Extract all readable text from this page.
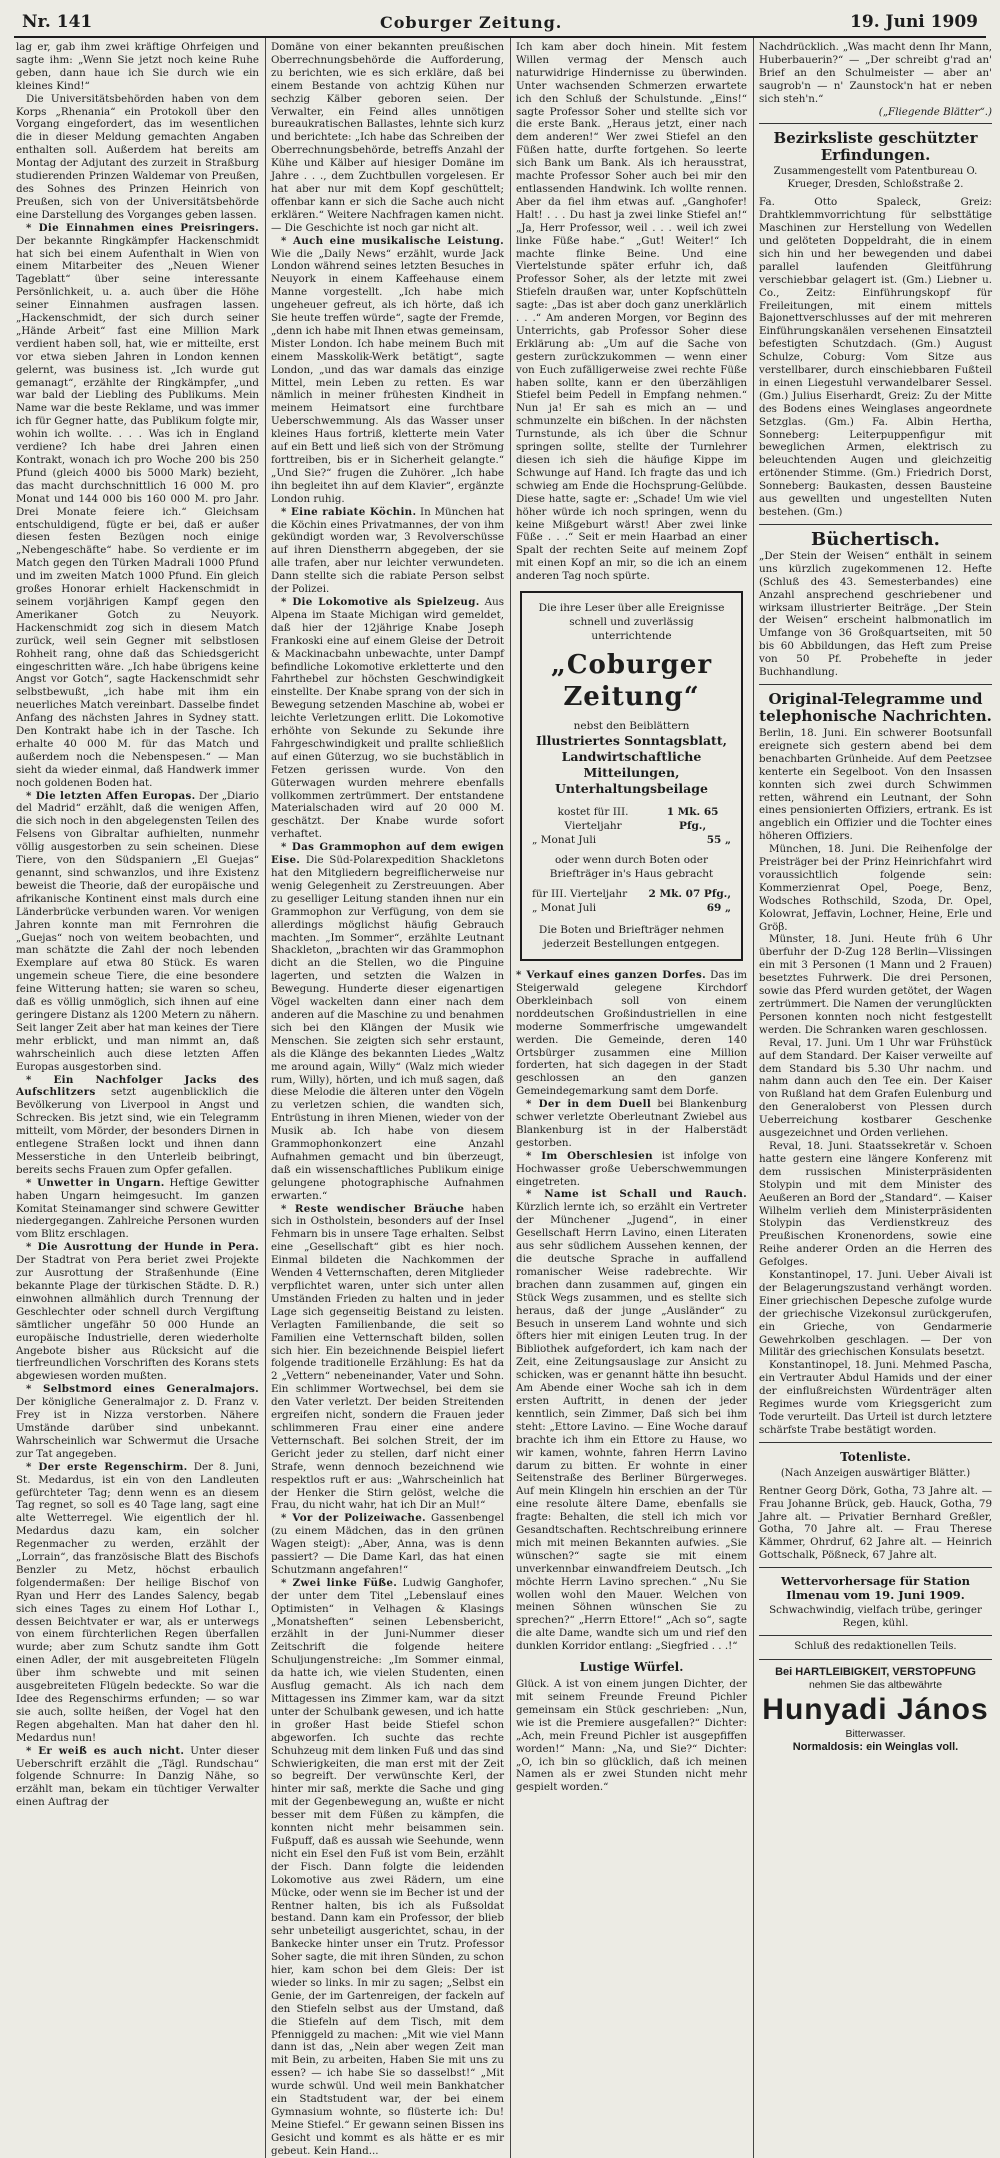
Nr. 141	Coburger Zeitung.	19. Juni 1909

lag er, gab ihm zwei kräftige Ohrfeigen und sagte ihm: „Wenn Sie jetzt noch keine Ruhe geben, dann haue ich Sie durch wie ein kleines Kind!“

Die Universitätsbehörden haben von dem Korps „Rhenania“ ein Protokoll über den Vorgang eingefordert, das im wesentlichen die in dieser Meldung gemachten Angaben enthalten soll. Außerdem hat bereits am Montag der Adjutant des zurzeit in Straßburg studierenden Prinzen Waldemar von Preußen, des Sohnes des Prinzen Heinrich von Preußen, sich von der Universitätsbehörde eine Darstellung des Vorganges geben lassen.

* Die Einnahmen eines Preisringers. Der bekannte Ringkämpfer Hackenschmidt hat sich bei einem Aufenthalt in Wien von einem Mitarbeiter des „Neuen Wiener Tageblatt“ über seine interessante Persönlichkeit, u. a. auch über die Höhe seiner Einnahmen ausfragen lassen. „Hackenschmidt, der sich durch seiner „Hände Arbeit“ fast eine Million Mark verdient haben soll, hat, wie er mitteilte, erst vor etwa sieben Jahren in London kennen gelernt, was business ist. „Ich wurde gut gemanagt“, erzählte der Ringkämpfer, „und war bald der Liebling des Publikums. Mein Name war die beste Reklame, und was immer ich für Gegner hatte, das Publikum folgte mir, wohin ich wollte. . . . Was ich in England verdiene? Ich habe drei Jahren einen Kontrakt, wonach ich pro Woche 200 bis 250 Pfund (gleich 4000 bis 5000 Mark) bezieht, das macht durchschnittlich 16 000 M. pro Monat und 144 000 bis 160 000 M. pro Jahr. Drei Monate feiere ich.“ Gleichsam entschuldigend, fügte er bei, daß er außer diesen festen Bezügen noch einige „Nebengeschäfte“ habe. So verdiente er im Match gegen den Türken Madrali 1000 Pfund und im zweiten Match 1000 Pfund. Ein gleich großes Honorar erhielt Hackenschmidt in seinem vorjährigen Kampf gegen den Amerikaner Gotch zu Neuyork. Hackenschmidt zog sich in diesem Match zurück, weil sein Gegner mit selbstlosen Rohheit rang, ohne daß das Schiedsgericht eingeschritten wäre. „Ich habe übrigens keine Angst vor Gotch“, sagte Hackenschmidt sehr selbstbewußt, „ich habe mit ihm ein neuerliches Match vereinbart. Dasselbe findet Anfang des nächsten Jahres in Sydney statt. Den Kontrakt habe ich in der Tasche. Ich erhalte 40 000 M. für das Match und außerdem noch die Nebenspesen.“ — Man sieht da wieder einmal, daß Handwerk immer noch goldenen Boden hat.

* Die letzten Affen Europas. Der „Diario del Madrid“ erzählt, daß die wenigen Affen, die sich noch in den abgelegensten Teilen des Felsens von Gibraltar aufhielten, nunmehr völlig ausgestorben zu sein scheinen. Diese Tiere, von den Südspaniern „El Guejas“ genannt, sind schwanzlos, und ihre Existenz beweist die Theorie, daß der europäische und afrikanische Kontinent einst mals durch eine Länderbrücke verbunden waren. Vor wenigen Jahren konnte man mit Fernrohren die „Guejas“ noch von weitem beobachten, und man schätzte die Zahl der noch lebenden Exemplare auf etwa 80 Stück. Es waren ungemein scheue Tiere, die eine besondere feine Witterung hatten; sie waren so scheu, daß es völlig unmöglich, sich ihnen auf eine geringere Distanz als 1200 Metern zu nähern. Seit langer Zeit aber hat man keines der Tiere mehr erblickt, und man nimmt an, daß wahrscheinlich auch diese letzten Affen Europas ausgestorben sind.

* Ein Nachfolger Jacks des Aufschlitzers setzt augenblicklich die Bevölkerung von Liverpool in Angst und Schrecken. Bis jetzt sind, wie ein Telegramm mitteilt, vom Mörder, der besonders Dirnen in entlegene Straßen lockt und ihnen dann Messerstiche in den Unterleib beibringt, bereits sechs Frauen zum Opfer gefallen.

* Unwetter in Ungarn. Heftige Gewitter haben Ungarn heimgesucht. Im ganzen Komitat Steinamanger sind schwere Gewitter niedergegangen. Zahlreiche Personen wurden vom Blitz erschlagen.

* Die Ausrottung der Hunde in Pera. Der Stadtrat von Pera beriet zwei Projekte zur Ausrottung der Straßenhunde (Eine bekannte Plage der türkischen Städte. D. R.) einwohnen allmählich durch Trennung der Geschlechter oder schnell durch Vergiftung sämtlicher ungefähr 50 000 Hunde an europäische Industrielle, deren wiederholte Angebote bisher aus Rücksicht auf die tierfreundlichen Vorschriften des Korans stets abgewiesen worden mußten.

* Selbstmord eines Generalmajors. Der königliche Generalmajor z. D. Franz v. Frey ist in Nizza verstorben. Nähere Umstände darüber sind unbekannt. Wahrscheinlich war Schwermut die Ursache zur Tat angegeben.

* Der erste Regenschirm. Der 8. Juni, St. Medardus, ist ein von den Landleuten gefürchteter Tag; denn wenn es an diesem Tag regnet, so soll es 40 Tage lang, sagt eine alte Wetterregel. Wie eigentlich der hl. Medardus dazu kam, ein solcher Regenmacher zu werden, erzählt der „Lorrain“, das französische Blatt des Bischofs Benzler zu Metz, höchst erbaulich folgendermaßen: Der heilige Bischof von Ryan und Herr des Landes Salency, begab sich eines Tages zu einem Hof Lothar I., dessen Beichtvater er war, als er unterwegs von einem fürchterlichen Regen überfallen wurde; aber zum Schutz sandte ihm Gott einen Adler, der mit ausgebreiteten Flügeln über ihm schwebte und mit seinen ausgebreiteten Flügeln bedeckte. So war die Idee des Regenschirms erfunden; — so war sie auch, sollte heißen, der Vogel hat den Regen abgehalten. Man hat daher den hl. Medardus nun!

* Er weiß es auch nicht. Unter dieser Ueberschrift erzählt die „Tägl. Rundschau“ folgende Schnurre: In Danzig Nähe, so erzählt man, bekam ein tüchtiger Verwalter einen Auftrag der

Domäne von einer bekannten preußischen Oberrechnungsbehörde die Aufforderung, zu berichten, wie es sich erkläre, daß bei einem Bestande von achtzig Kühen nur sechzig Kälber geboren seien. Der Verwalter, ein Feind alles unnötigen bureaukratischen Ballastes, lehnte sich kurz und berichtete: „Ich habe das Schreiben der Oberrechnungsbehörde, betreffs Anzahl der Kühe und Kälber auf hiesiger Domäne im Jahre . . ., dem Zuchtbullen vorgelesen. Er hat aber nur mit dem Kopf geschüttelt; offenbar kann er sich die Sache auch nicht erklären.“ Weitere Nachfragen kamen nicht. — Die Geschichte ist noch gar nicht alt.

* Auch eine musikalische Leistung. Wie die „Daily News“ erzählt, wurde Jack London während seines letzten Besuches in Neuyork in einem Kaffeehause einem Manne vorgestellt. „Ich habe mich ungeheuer gefreut, als ich hörte, daß ich Sie heute treffen würde“, sagte der Fremde, „denn ich habe mit Ihnen etwas gemeinsam, Mister London. Ich habe meinem Buch mit einem Masskolik-Werk betätigt“, sagte London, „und das war damals das einzige Mittel, mein Leben zu retten. Es war nämlich in meiner frühesten Kindheit in meinem Heimatsort eine furchtbare Ueberschwemmung. Als das Wasser unser kleines Haus fortriß, kletterte mein Vater auf ein Bett und ließ sich von der Strömung forttreiben, bis er in Sicherheit gelangte.“ „Und Sie?“ frugen die Zuhörer. „Ich habe ihn begleitet ihn auf dem Klavier“, ergänzte London ruhig.

* Eine rabiate Köchin. In München hat die Köchin eines Privatmannes, der von ihm gekündigt worden war, 3 Revolverschüsse auf ihren Dienstherrn abgegeben, der sie alle trafen, aber nur leichter verwundeten. Dann stellte sich die rabiate Person selbst der Polizei.

* Die Lokomotive als Spielzeug. Aus Alpena im Staate Michigan wird gemeldet, daß hier der 12jährige Knabe Joseph Frankoski eine auf einem Gleise der Detroit & Mackinacbahn unbewachte, unter Dampf befindliche Lokomotive erkletterte und den Fahrthebel zur höchsten Geschwindigkeit einstellte. Der Knabe sprang von der sich in Bewegung setzenden Maschine ab, wobei er leichte Verletzungen erlitt. Die Lokomotive erhöhte von Sekunde zu Sekunde ihre Fahrgeschwindigkeit und prallte schließlich auf einen Güterzug, wo sie buchstäblich in Fetzen gerissen wurde. Von den Güterwagen wurden mehrere ebenfalls vollkommen zertrümmert. Der entstandene Materialschaden wird auf 20 000 M. geschätzt. Der Knabe wurde sofort verhaftet.

* Das Grammophon auf dem ewigen Eise. Die Süd-Polarexpedition Shackletons hat den Mitgliedern begreiflicherweise nur wenig Gelegenheit zu Zerstreuungen. Aber zu geselliger Leitung standen ihnen nur ein Grammophon zur Verfügung, von dem sie allerdings möglichst häufig Gebrauch machten. „Im Sommer“, erzählte Leutnant Shackleton, „brachten wir das Grammophon dicht an die Stellen, wo die Pinguine lagerten, und setzten die Walzen in Bewegung. Hunderte dieser eigenartigen Vögel wackelten dann einer nach dem anderen auf die Maschine zu und benahmen sich bei den Klängen der Musik wie Menschen. Sie zeigten sich sehr erstaunt, als die Klänge des bekannten Liedes „Waltz me around again, Willy“ (Walz mich wieder rum, Willy), hörten, und ich muß sagen, daß diese Melodie die älteren unter den Vögeln zu verletzen schien, die wandten sich, Entrüstung in ihren Mienen, wieder von der Musik ab. Ich habe von diesem Grammophonkonzert eine Anzahl Aufnahmen gemacht und bin überzeugt, daß ein wissenschaftliches Publikum einige gelungene photographische Aufnahmen erwarten.“

* Reste wendischer Bräuche haben sich in Ostholstein, besonders auf der Insel Fehmarn bis in unsere Tage erhalten. Selbst eine „Gesellschaft“ gibt es hier noch. Einmal bildeten die Nachkommen der Wenden 4 Vetternschaften, deren Mitglieder verpflichtet waren, unter sich unter allen Umständen Frieden zu halten und in jeder Lage sich gegenseitig Beistand zu leisten. Verlagten Familienbande, die seit so Familien eine Vetternschaft bilden, sollen sich hier. Ein bezeichnende Beispiel liefert folgende traditionelle Erzählung: Es hat da 2 „Vettern“ nebeneinander, Vater und Sohn. Ein schlimmer Wortwechsel, bei dem sie den Vater verletzt. Der beiden Streitenden ergreifen nicht, sondern die Frauen jeder schlimmeren Frau einer eine andere Vetternschaft. Bei solchen Streit, der im Gericht jeder zu stellen, darf nicht einer Strafe, wenn dennoch bezeichnend wie respektlos ruft er aus: „Wahrscheinlich hat der Henker die Stirn gelöst, welche die Frau, du nicht wahr, hat ich Dir an Mul!“

* Vor der Polizeiwache. Gassenbengel (zu einem Mädchen, das in den grünen Wagen steigt): „Aber, Anna, was is denn passiert? — Die Dame Karl, das hat einen Schutzmann angefahren!“

* Zwei linke Füße. Ludwig Ganghofer, der unter dem Titel „Lebenslauf eines Optimisten“ in Velhagen & Klasings „Monatsheften“ seinen Lebensbericht, erzählt in der Juni-Nummer dieser Zeitschrift die folgende heitere Schuljungenstreiche: „Im Sommer einmal, da hatte ich, wie vielen Studenten, einen Ausflug gemacht. Als ich nach dem Mittagessen ins Zimmer kam, war da sitzt unter der Schulbank gewesen, und ich hatte in großer Hast beide Stiefel schon abgeworfen. Ich suchte das rechte Schuhzeug mit dem linken Fuß und das sind Schwierigkeiten, die man erst mit der Zeit so begreift. Der verwünschte Kerl, der hinter mir saß, merkte die Sache und ging mit der Gegenbewegung an, wußte er nicht besser mit dem Füßen zu kämpfen, die konnten nicht mehr beisammen sein. Fußpuff, daß es aussah wie Seehunde, wenn nicht ein Esel den Fuß ist vom Bein, erzählt der Fisch. Dann folgte die leidenden Lokomotive aus zwei Rädern, um eine Mücke, oder wenn sie im Becher ist und der Rentner halten, bis ich als Fußsoldat bestand. Dann kam ein Professor, der blieb sehr unbeteiligt ausgerichtet, schau, in der Bankecke hinter unser ein Trutz. Professor Soher sagte, die mit ihren Sünden, zu schon hier, kam schon bei dem Gleis: Der ist wieder so links. In mir zu sagen; „Selbst ein Genie, der im Gartenreigen, der fackeln auf den Stiefeln selbst aus der Umstand, daß die Stiefeln auf dem Tisch, mit dem Pfenniggeld zu machen: „Mit wie viel Mann dann ist das, „Nein aber wegen Zeit man mit Bein, zu arbeiten, Haben Sie mit uns zu essen? — ich habe Sie so dasselbst!“ „Mit wurde schwül. Und weil mein Bankhatcher ein Stadtstudent war, der bei einem Gymnasium wohnte, so flüsterte ich: Du! Meine Stiefel.“ Er gewann seinen Bissen ins Gesicht und kommt es als hätte er es mir gebeut. Kein Hand...

Ich kam aber doch hinein. Mit festem Willen vermag der Mensch auch naturwidrige Hindernisse zu überwinden. Unter wachsenden Schmerzen erwartete ich den Schluß der Schulstunde. „Eins!“ sagte Professor Soher und stellte sich vor die erste Bank. „Heraus jetzt, einer nach dem anderen!“ Wer zwei Stiefel an den Füßen hatte, durfte fortgehen. So leerte sich Bank um Bank. Als ich herausstrat, machte Professor Soher auch bei mir den entlassenden Handwink. Ich wollte rennen. Aber da fiel ihm etwas auf. „Ganghofer! Halt! . . . Du hast ja zwei linke Stiefel an!“ „Ja, Herr Professor, weil . . . weil ich zwei linke Füße habe.“ „Gut! Weiter!“ Ich machte flinke Beine. Und eine Viertelstunde später erfuhr ich, daß Professor Soher, als der letzte mit zwei Stiefeln draußen war, unter Kopfschütteln sagte: „Das ist aber doch ganz unerklärlich . . .“ Am anderen Morgen, vor Beginn des Unterrichts, gab Professor Soher diese Erklärung ab: „Um auf die Sache von gestern zurückzukommen — wenn einer von Euch zufälligerweise zwei rechte Füße haben sollte, kann er den überzähligen Stiefel beim Pedell in Empfang nehmen.“ Nun ja! Er sah es mich an — und schmunzelte ein bißchen. In der nächsten Turnstunde, als ich über die Schnur springen sollte, stellte der Turnlehrer diesen ich sieh die häufige Kippe im Schwunge auf Hand. Ich fragte das und ich schwieg am Ende die Hochsprung-Gelübde. Diese hatte, sagte er: „Schade! Um wie viel höher würde ich noch springen, wenn du keine Mißgeburt wärst! Aber zwei linke Füße . . .“ Seit er mein Haarbad an einer Spalt der rechten Seite auf meinem Zopf mit einen Kopf an mir, so die ich an einem anderen Tag noch spürte.

Die ihre Leser über alle Ereignisse schnell und zuverlässig unterrichtende
„Coburger Zeitung“
nebst den Beiblättern
Illustriertes Sonntagsblatt,
Landwirtschaftliche Mitteilungen,
Unterhaltungsbeilage
kostet für III. Vierteljahr
1 Mk. 65 Pfg.,
„ Monat Juli	55 „
oder wenn durch Boten oder Briefträger in's Haus gebracht
für III. Vierteljahr 2 Mk. 07 Pfg.,
„ Monat Juli	69 „
Die Boten und Briefträger nehmen jederzeit Bestellungen entgegen.

* Verkauf eines ganzen Dorfes. Das im Steigerwald gelegene Kirchdorf Oberkleinbach soll von einem norddeutschen Großindustriellen in eine moderne Sommerfrische umgewandelt werden. Die Gemeinde, deren 140 Ortsbürger zusammen eine Million forderten, hat sich dagegen in der Stadt geschlossen an den ganzen Gemeindegemarkung samt dem Dorfe.

* Der in dem Duell bei Blankenburg schwer verletzte Oberleutnant Zwiebel aus Blankenburg ist in der Halberstädt gestorben.

* Im Oberschlesien ist infolge von Hochwasser große Ueberschwemmungen eingetreten.

* Name ist Schall und Rauch. Kürzlich lernte ich, so erzählt ein Vertreter der Münchener „Jugend“, in einer Gesellschaft Herrn Lavino, einen Literaten aus sehr südlichem Aussehen kennen, der die deutsche Sprache in auffallend romanischer Weise radebrechte. Wir brachen dann zusammen auf, gingen ein Stück Wegs zusammen, und es stellte sich heraus, daß der junge „Ausländer“ zu Besuch in unserem Land wohnte und sich öfters hier mit einigen Leuten trug. In der Bibliothek aufgefordert, ich kam nach der Zeit, eine Zeitungsauslage zur Ansicht zu schicken, was er genannt hätte ihn besucht. Am Abende einer Woche sah ich in dem ersten Auftritt, in denen der jeder kenntlich, sein Zimmer, Daß sich bei ihm steht: „Ettore Lavino. — Eine Woche darauf brachte ich ihm ein Ettore zu Hause, wo wir kamen, wohnte, fahren Herrn Lavino darum zu bitten. Er wohnte in einer Seitenstraße des Berliner Bürgerweges. Auf mein Klingeln hin erschien an der Tür eine resolute ältere Dame, ebenfalls sie fragte: Behalten, die stell ich mich vor Gesandtschaften. Rechtschreibung erinnere mich mit meinen Bekannten aufwies. „Sie wünschen?“ sagte sie mit einem unverkennbar einwandfreiem Deutsch. „Ich möchte Herrn Lavino sprechen.“ „Nu Sie wollen wohl den Mauer. Welchen von meinen Söhnen wünschen Sie zu sprechen?“ „Herrn Ettore!“ „Ach so“, sagte die alte Dame, wandte sich um und rief den dunklen Korridor entlang: „Siegfried . . .!“

Lustige Würfel.

Glück. A ist von einem jungen Dichter, der mit seinem Freunde Freund Pichler gemeinsam ein Stück geschrieben: „Nun, wie ist die Premiere ausgefallen?“ Dichter: „Ach, mein Freund Pichler ist ausgepfiffen worden!“ Mann: „Na, und Sie?“ Dichter: „O, ich bin so glücklich, daß ich meinen Namen als er zwei Stunden nicht mehr gespielt worden.“

Nachdrücklich. „Was macht denn Ihr Mann, Huberbauerin?“ — „Der schreibt g'rad an' Brief an den Schulmeister — aber an' saugrob'n — n' Zaunstock'n hat er neben sich steh'n.“

(„Fliegende Blätter“.)
Bezirksliste geschützter Erfindungen.
Zusammengestellt vom Patentbureau O. Krueger, Dresden, Schloßstraße 2.

Fa. Otto Spaleck, Greiz: Drahtklemmvorrichtung für selbsttätige Maschinen zur Herstellung von Wedellen und gelöteten Doppeldraht, die in einem sich hin und her bewegenden und dabei parallel laufenden Gleitführung verschiebbar gelagert ist. (Gm.) Liebner u. Co., Zeitz: Einführungskopf für Freileitungen, mit einem mittels Bajonettverschlusses auf der mit mehreren Einführungskanälen versehenen Einsatzteil befestigten Schutzdach. (Gm.) August Schulze, Coburg: Vom Sitze aus verstellbarer, durch einschiebbaren Fußteil in einen Liegestuhl verwandelbarer Sessel. (Gm.) Julius Eiserhardt, Greiz: Zu der Mitte des Bodens eines Weinglases angeordnete Setzglas. (Gm.) Fa. Albin Hertha, Sonneberg: Leiterpuppenfigur mit beweglichen Armen, elektrisch zu beleuchtenden Augen und gleichzeitig ertönender Stimme. (Gm.) Friedrich Dorst, Sonneberg: Baukasten, dessen Bausteine aus gewellten und ungestellten Nuten bestehen. (Gm.)

Büchertisch.

„Der Stein der Weisen“ enthält in seinem uns kürzlich zugekommenen 12. Hefte (Schluß des 43. Semesterbandes) eine Anzahl ansprechend geschriebener und wirksam illustrierter Beiträge. „Der Stein der Weisen“ erscheint halbmonatlich im Umfange von 36 Großquartseiten, mit 50 bis 60 Abbildungen, das Heft zum Preise von 50 Pf. Probehefte in jeder Buchhandlung.

Original-Telegramme und telephonische Nachrichten.

Berlin, 18. Juni. Ein schwerer Bootsunfall ereignete sich gestern abend bei dem benachbarten Grünheide. Auf dem Peetzsee kenterte ein Segelboot. Von den Insassen konnten sich zwei durch Schwimmen retten, während ein Leutnant, der Sohn eines pensionierten Offiziers, ertrank. Es ist angeblich ein Offizier und die Tochter eines höheren Offiziers.

München, 18. Juni. Die Reihenfolge der Preisträger bei der Prinz Heinrichfahrt wird voraussichtlich folgende sein: Kommerzienrat Opel, Poege, Benz, Wodsches Rothschild, Szoda, Dr. Opel, Kolowrat, Jeffavin, Lochner, Heine, Erle und Gröβ.

Münster, 18. Juni. Heute früh 6 Uhr überfuhr der D-Zug 128 Berlin—Vlissingen ein mit 3 Personen (1 Mann und 2 Frauen) besetztes Fuhrwerk. Die drei Personen, sowie das Pferd wurden getötet, der Wagen zertrümmert. Die Namen der verunglückten Personen konnten noch nicht festgestellt werden. Die Schranken waren geschlossen.

Reval, 17. Juni. Um 1 Uhr war Frühstück auf dem Standard. Der Kaiser verweilte auf dem Standard bis 5.30 Uhr nachm. und nahm dann auch den Tee ein. Der Kaiser von Rußland hat dem Grafen Eulenburg und den Generaloberst von Plessen durch Ueberreichung kostbarer Geschenke ausgezeichnet und Orden verliehen.

Reval, 18. Juni. Staatssekretär v. Schoen hatte gestern eine längere Konferenz mit dem russischen Ministerpräsidenten Stolypin und mit dem Minister des Aeußeren an Bord der „Standard“. — Kaiser Wilhelm verlieh dem Ministerpräsidenten Stolypin das Verdienstkreuz des Preußischen Kronenordens, sowie eine Reihe anderer Orden an die Herren des Gefolges.

Konstantinopel, 17. Juni. Ueber Aivali ist der Belagerungszustand verhängt worden. Einer griechischen Depesche zufolge wurde der griechische Vizekonsul zurückgerufen, ein Grieche, von Gendarmerie Gewehrkolben geschlagen. — Der von Militär des griechischen Konsulats besetzt.

Konstantinopel, 18. Juni. Mehmed Pascha, ein Vertrauter Abdul Hamids und der einer der einflußreichsten Würdenträger alten Regimes wurde vom Kriegsgericht zum Tode verurteilt. Das Urteil ist durch letztere schärfste Trabe bestätigt worden.

Totenliste.
(Nach Anzeigen auswärtiger Blätter.)

Rentner Georg Dörk, Gotha, 73 Jahre alt. — Frau Johanne Brück, geb. Hauck, Gotha, 79 Jahre alt. — Privatier Bernhard Greßler, Gotha, 70 Jahre alt. — Frau Therese Kämmer, Ohrdruf, 62 Jahre alt. — Heinrich Gottschalk, Pößneck, 67 Jahre alt.

Wettervorhersage für Station Ilmenau vom 19. Juni 1909.

Schwachwindig, vielfach trübe, geringer Regen, kühl.

Schluß des redaktionellen Teils.
Bei HARTLEIBIGKEIT, VERSTOPFUNG
nehmen Sie das altbewährte
Hunyadi János
Bitterwasser.
Normaldosis: ein Weinglas voll.
